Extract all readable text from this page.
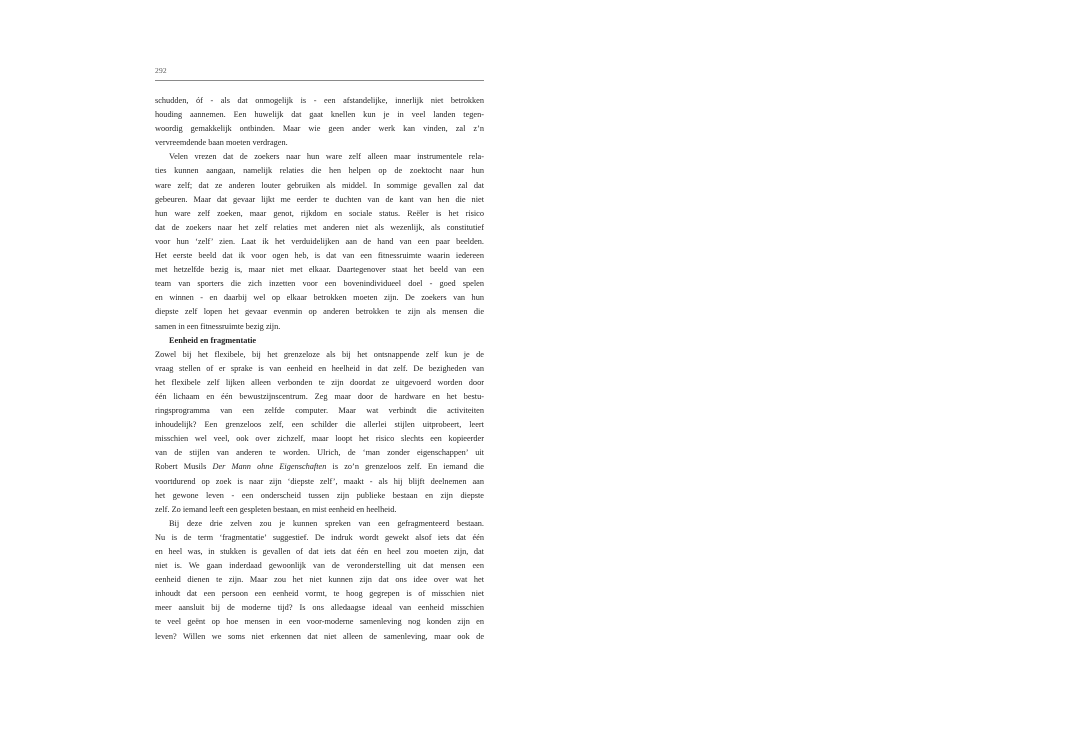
292

schudden, óf - als dat onmogelijk is - een afstandelijke, innerlijk niet betrokken
houding aannemen. Een huwelijk dat gaat knellen kun je in veel landen tegen-
woordig gemakkelijk ontbinden. Maar wie geen ander werk kan vinden, zal z’n
vervreemdende baan moeten verdragen.

Velen vrezen dat de zoekers naar hun ware zelf alleen maar instrumentele rela-
ties kunnen aangaan, namelijk relaties die hen helpen op de zoektocht naar hun
ware zelf; dat ze anderen louter gebruiken als middel. In sommige gevallen zal dat
gebeuren. Maar dat gevaar lijkt me eerder te duchten van de kant van hen die niet
hun ware zelf zoeken, maar genot, rijkdom en sociale status. Reëler is het risico
dat de zoekers naar het zelf relaties met anderen niet als wezenlijk, als constitutief
voor hun ‘zelf’ zien. Laat ik het verduidelijken aan de hand van een paar beelden.
Het eerste beeld dat ik voor ogen heb, is dat van een fitnessruimte waarin iedereen
met hetzelfde bezig is, maar niet met elkaar. Daartegenover staat het beeld van een
team van sporters die zich inzetten voor een bovenindividueel doel - goed spelen
en winnen - en daarbij wel op elkaar betrokken moeten zijn. De zoekers van hun
diepste zelf lopen het gevaar evenmin op anderen betrokken te zijn als mensen die
samen in een fitnessruimte bezig zijn.

Eenheid en fragmentatie

Zowel bij het flexibele, bij het grenzeloze als bij het ontsnappende zelf kun je de
vraag stellen of er sprake is van eenheid en heelheid in dat zelf. De bezigheden van
het flexibele zelf lijken alleen verbonden te zijn doordat ze uitgevoerd worden door
één lichaam en één bewustzijnscentrum. Zeg maar door de hardware en het bestu-
ringsprogramma van een zelfde computer. Maar wat verbindt die activiteiten
inhoudelijk? Een grenzeloos zelf, een schilder die allerlei stijlen uitprobeert, leert
misschien wel veel, ook over zichzelf, maar loopt het risico slechts een kopieerder
van de stijlen van anderen te worden. Ulrich, de ‘man zonder eigenschappen’ uit
Robert Musils Der Mann ohne Eigenschaften is zo’n grenzeloos zelf. En iemand die
voortdurend op zoek is naar zijn ‘diepste zelf’, maakt - als hij blijft deelnemen aan
het gewone leven - een onderscheid tussen zijn publieke bestaan en zijn diepste
zelf. Zo iemand leeft een gespleten bestaan, en mist eenheid en heelheid.

Bij deze drie zelven zou je kunnen spreken van een gefragmenteerd bestaan.
Nu is de term ‘fragmentatie’ suggestief. De indruk wordt gewekt alsof iets dat één
en heel was, in stukken is gevallen of dat iets dat één en heel zou moeten zijn, dat
niet is. We gaan inderdaad gewoonlijk van de veronderstelling uit dat mensen een
eenheid dienen te zijn. Maar zou het niet kunnen zijn dat ons idee over wat het
inhoudt dat een persoon een eenheid vormt, te hoog gegrepen is of misschien niet
meer aansluit bij de moderne tijd? Is ons alledaagse ideaal van eenheid misschien
te veel geënt op hoe mensen in een voor-moderne samenleving nog konden zijn en
leven? Willen we soms niet erkennen dat niet alleen de samenleving, maar ook de
